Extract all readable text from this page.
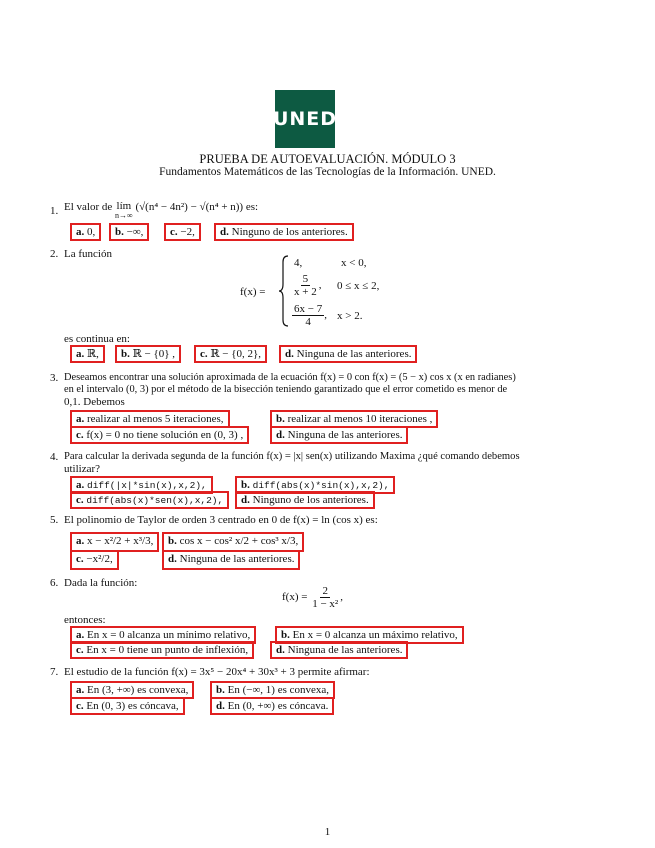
UNED
PRUEBA DE AUTOEVALUACIÓN. MÓDULO 3
Fundamentos Matemáticos de las Tecnologías de la Información. UNED.
1. El valor de lím
n→∞
(√(n⁴ − 4n²) − √(n⁴ + n)) es:
a. 0,	b. −∞,	c. −2,	d. Ninguno de los anteriores.
2. La función
f(x) =
4,	x < 0,
$\frac{5}{x + 2}$ , 0 ≤ x ≤ 2,
$\frac{6x - 7}{4}$ , x > 2.
es continua en:
a. ℝ,	b. ℝ − {0} ,	c. ℝ − {0, 2},	d. Ninguna de las anteriores.
3. Deseamos encontrar una solución aproximada de la ecuación f(x) = 0 con f(x) = (5 − x) cos x (x en radianes)
en el intervalo (0, 3) por el método de la bisección teniendo garantizado que el error cometido es menor de
0,1. Debemos
a. realizar al menos 5 iteraciones,	b. realizar al menos 10 iteraciones ,
c. f(x) = 0 no tiene solución en (0, 3) ,	d. Ninguna de las anteriores.
4. Para calcular la derivada segunda de la función f(x) = |x| sen(x) utilizando Maxima ¿qué comando debemos
utilizar?
a. diff(|x|*sin(x),x,2),	b. diff(abs(x)*sin(x),x,2),
c. diff(abs(x)*sen(x),x,2),	d. Ninguno de los anteriores.
5. El polinomio de Taylor de orden 3 centrado en 0 de f(x) = ln (cos x) es:
a. x − x²/2 + x³/3,	b. cos x − cos² x/2 + cos³ x/3,
c. −x²/2,	d. Ninguna de las anteriores.
6. Dada la función:
$f(x) = \frac{2}{\text{1 − x²}}$ ,
entonces:
a. En x = 0 alcanza un mínimo relativo,	b. En x = 0 alcanza un máximo relativo,
c. En x = 0 tiene un punto de inflexión,	d. Ninguna de las anteriores.
7. El estudio de la función f(x) = 3x⁵ − 20x⁴ + 30x³ + 3 permite afirmar:
a. En (3, +∞) es convexa,	b. En (−∞, 1) es convexa,
c. En (0, 3) es cóncava,	d. En (0, +∞) es cóncava.
1
